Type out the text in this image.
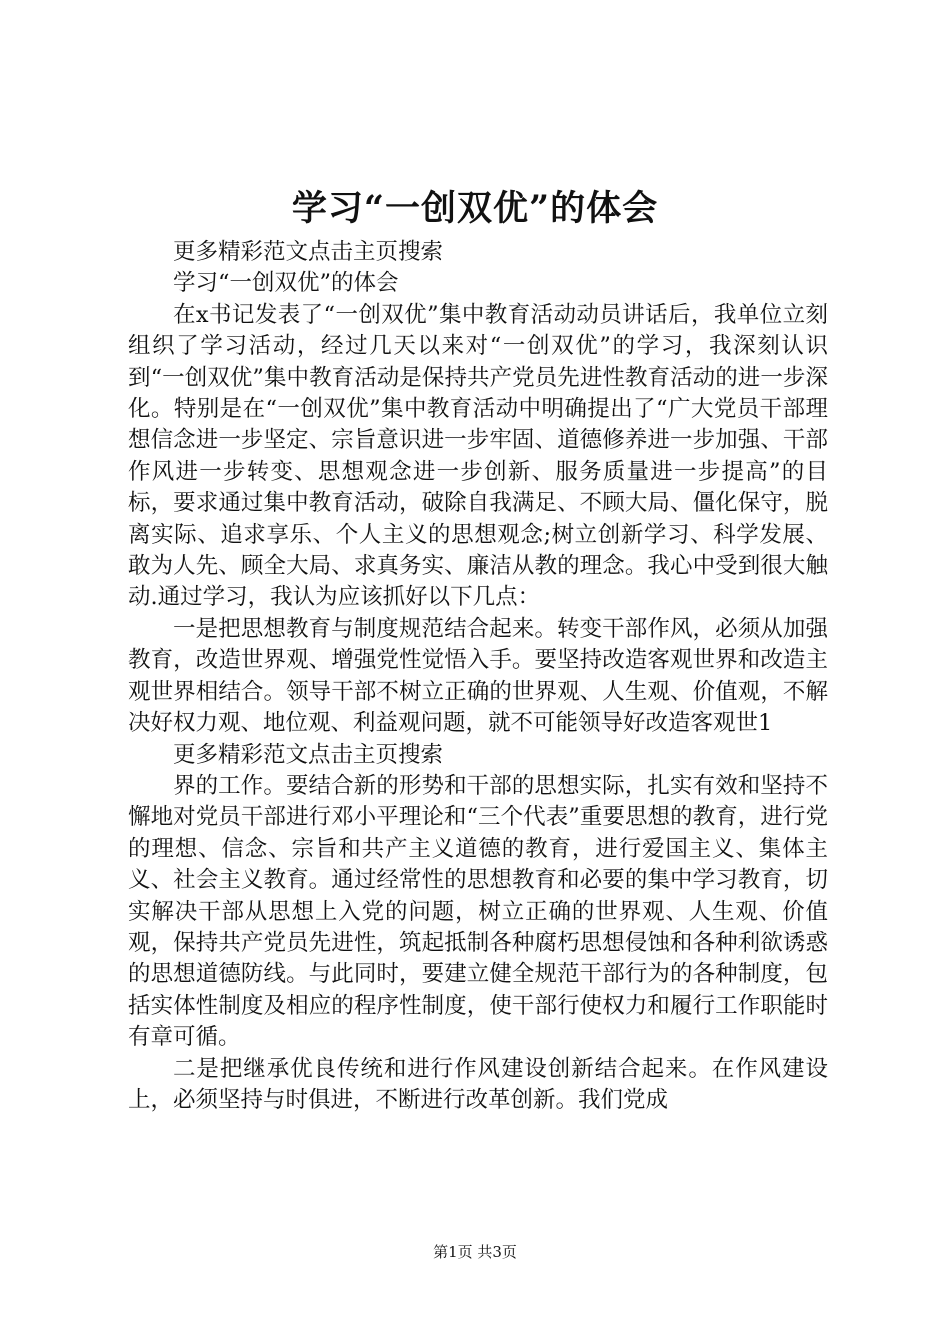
学习“一创双优”的体会

更多精彩范文点击主页搜索

学习“一创双优”的体会

在x书记发表了“一创双优”集中教育活动动员讲话后，我单位立刻组织了学习活动，经过几天以来对“一创双优”的学习，我深刻认识到“一创双优”集中教育活动是保持共产党员先进性教育活动的进一步深化。特别是在“一创双优”集中教育活动中明确提出了“广大党员干部理想信念进一步坚定、宗旨意识进一步牢固、道德修养进一步加强、干部作风进一步转变、思想观念进一步创新、服务质量进一步提高”的目标，要求通过集中教育活动，破除自我满足、不顾大局、僵化保守，脱离实际、追求享乐、个人主义的思想观念;树立创新学习、科学发展、敢为人先、顾全大局、求真务实、廉洁从教的理念。我心中受到很大触动.通过学习，我认为应该抓好以下几点：

一是把思想教育与制度规范结合起来。转变干部作风，必须从加强教育，改造世界观、增强党性觉悟入手。要坚持改造客观世界和改造主观世界相结合。领导干部不树立正确的世界观、人生观、价值观，不解决好权力观、地位观、利益观问题，就不可能领导好改造客观世1

更多精彩范文点击主页搜索

界的工作。要结合新的形势和干部的思想实际，扎实有效和坚持不懈地对党员干部进行邓小平理论和“三个代表”重要思想的教育，进行党的理想、信念、宗旨和共产主义道德的教育，进行爱国主义、集体主义、社会主义教育。通过经常性的思想教育和必要的集中学习教育，切实解决干部从思想上入党的问题，树立正确的世界观、人生观、价值观，保持共产党员先进性，筑起抵制各种腐朽思想侵蚀和各种利欲诱惑的思想道德防线。与此同时，要建立健全规范干部行为的各种制度，包括实体性制度及相应的程序性制度，使干部行使权力和履行工作职能时有章可循。

二是把继承优良传统和进行作风建设创新结合起来。在作风建设上，必须坚持与时俱进，不断进行改革创新。我们党成

第1页 共3页
